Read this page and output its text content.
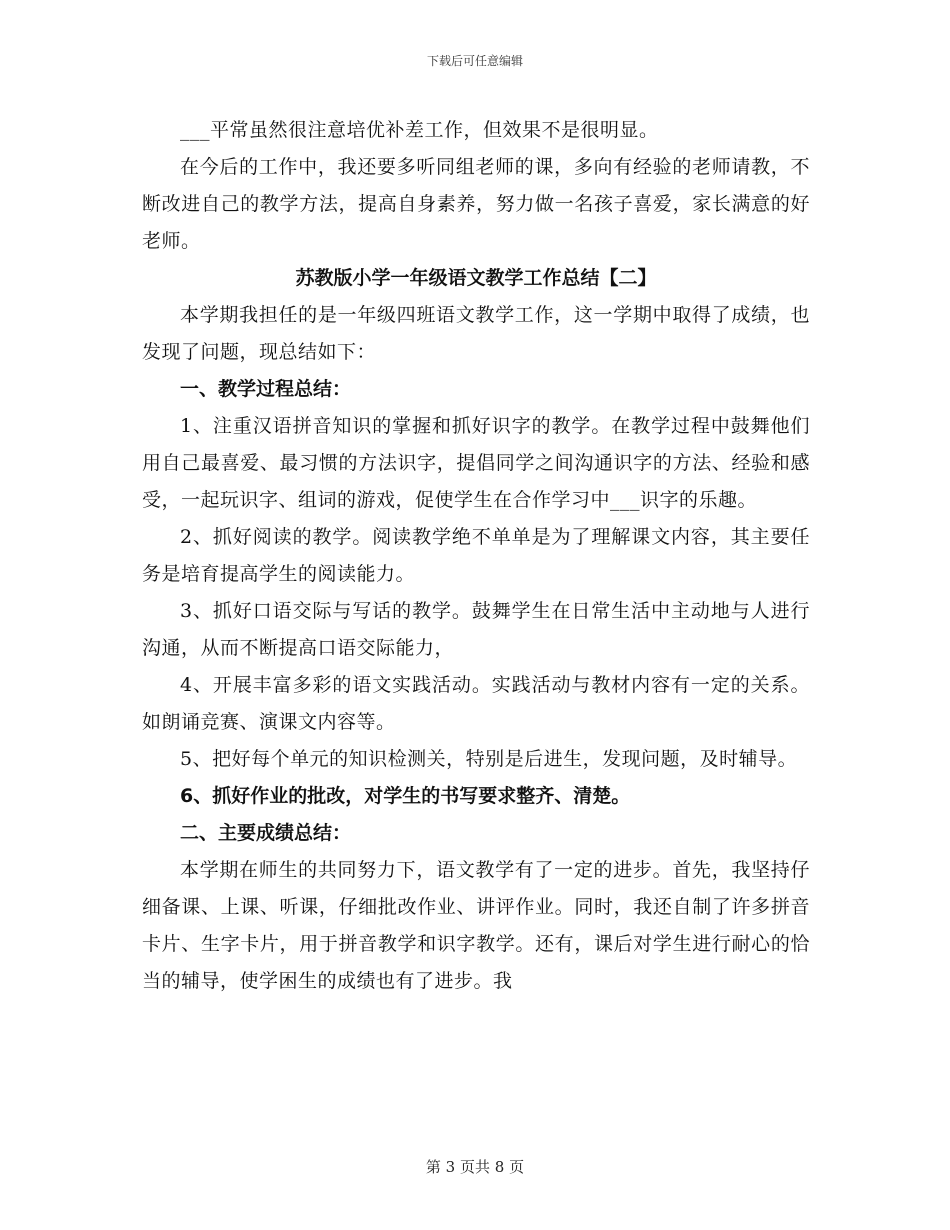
下载后可任意编辑

___平常虽然很注意培优补差工作，但效果不是很明显。

在今后的工作中，我还要多听同组老师的课，多向有经验的老师请教，不断改进自己的教学方法，提高自身素养，努力做一名孩子喜爱，家长满意的好老师。

苏教版小学一年级语文教学工作总结【二】

本学期我担任的是一年级四班语文教学工作，这一学期中取得了成绩，也发现了问题，现总结如下：

一、教学过程总结：

1、注重汉语拼音知识的掌握和抓好识字的教学。在教学过程中鼓舞他们用自己最喜爱、最习惯的方法识字，提倡同学之间沟通识字的方法、经验和感受，一起玩识字、组词的游戏，促使学生在合作学习中___识字的乐趣。

2、抓好阅读的教学。阅读教学绝不单单是为了理解课文内容，其主要任务是培育提高学生的阅读能力。

3、抓好口语交际与写话的教学。鼓舞学生在日常生活中主动地与人进行沟通，从而不断提高口语交际能力，

4、开展丰富多彩的语文实践活动。实践活动与教材内容有一定的关系。如朗诵竞赛、演课文内容等。

5、把好每个单元的知识检测关，特别是后进生，发现问题，及时辅导。

6、抓好作业的批改，对学生的书写要求整齐、清楚。

二、主要成绩总结：

本学期在师生的共同努力下，语文教学有了一定的进步。首先，我坚持仔细备课、上课、听课，仔细批改作业、讲评作业。同时，我还自制了许多拼音卡片、生字卡片，用于拼音教学和识字教学。还有，课后对学生进行耐心的恰当的辅导，使学困生的成绩也有了进步。我

第 3 页共 8 页
